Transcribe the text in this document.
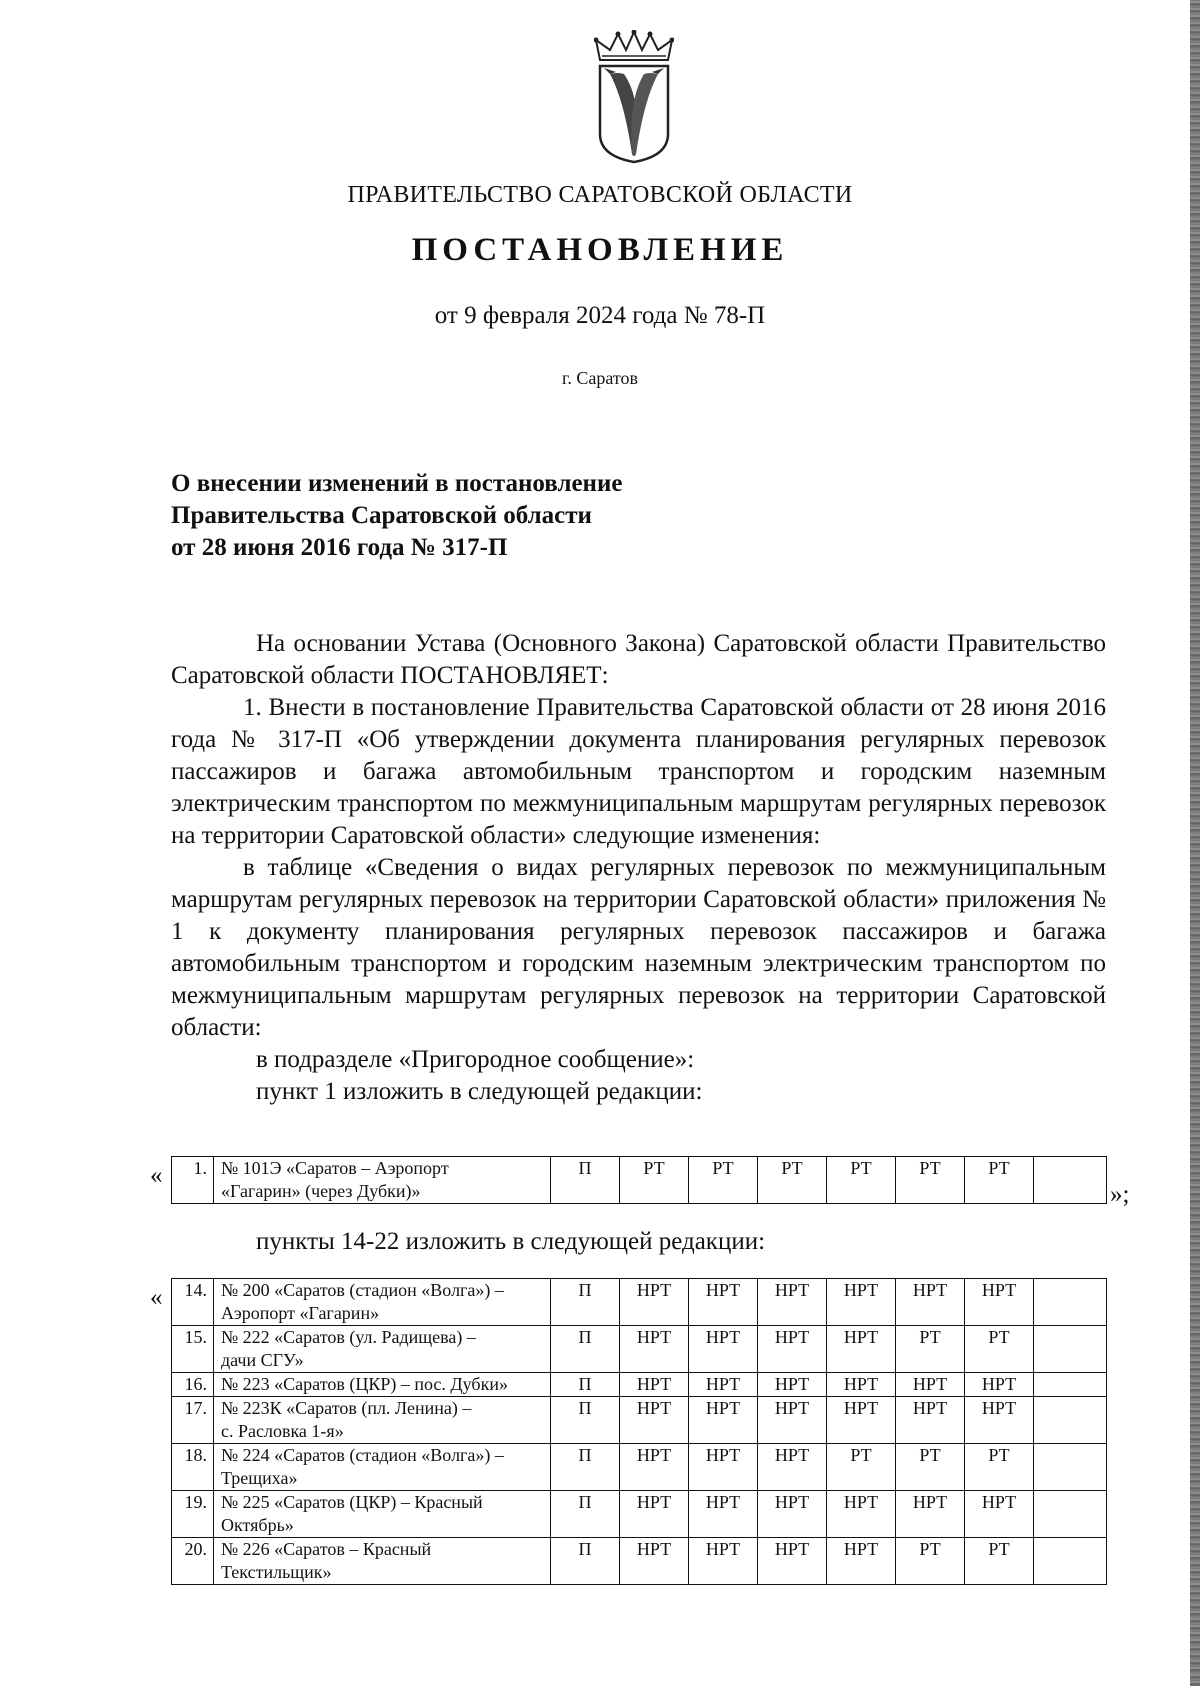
ПРАВИТЕЛЬСТВО САРАТОВСКОЙ ОБЛАСТИ
ПОСТАНОВЛЕНИЕ
от 9 февраля 2024 года № 78-П
г. Саратов
О внесении изменений в постановление
Правительства Саратовской области
от 28 июня 2016 года № 317-П

На основании Устава (Основного Закона) Саратовской области Правительство Саратовской области ПОСТАНОВЛЯЕТ:

1. Внести в постановление Правительства Саратовской области от 28 июня 2016 года № 317-П «Об утверждении документа планирования регулярных перевозок пассажиров и багажа автомобильным транспортом и городским наземным электрическим транспортом по межмуниципальным маршрутам регулярных перевозок на территории Саратовской области» следующие изменения:

в таблице «Сведения о видах регулярных перевозок по межмуниципальным маршрутам регулярных перевозок на территории Саратовской области» приложения № 1 к документу планирования регулярных перевозок пассажиров и багажа автомобильным транспортом и городским наземным электрическим транспортом по межмуниципальным маршрутам регулярных перевозок на территории Саратовской области:

в подразделе «Пригородное сообщение»:

пункт 1 изложить в следующей редакции:

« 1.	№ 101Э «Саратов – Аэропорт
«Гагарин» (через Дубки)»
	П	РТ	РТ	РТ	РТ	РТ	РТ	
»;
пункты 14-22 изложить в следующей редакции:
« 14.	№ 200 «Саратов (стадион «Волга») –
Аэропорт «Гагарин»	П	НРТ	НРТ	НРТ	НРТ	НРТ	НРТ	
15.	№ 222 «Саратов (ул. Радищева) –
дачи СГУ»	П	НРТ	НРТ	НРТ	НРТ	РТ	РТ	
16.	№ 223 «Саратов (ЦКР) – пос. Дубки»	П	НРТ	НРТ	НРТ	НРТ	НРТ	НРТ	
17.	№ 223К «Саратов (пл. Ленина) –
с. Расловка 1-я»	П	НРТ	НРТ	НРТ	НРТ	НРТ	НРТ	
18.	№ 224 «Саратов (стадион «Волга») –
Трещиха»	П	НРТ	НРТ	НРТ	РТ	РТ	РТ	
19.	№ 225 «Саратов (ЦКР) – Красный
Октябрь»	П	НРТ	НРТ	НРТ	НРТ	НРТ	НРТ	
20.	№ 226 «Саратов – Красный
Текстильщик»	П	НРТ	НРТ	НРТ	НРТ	РТ	РТ	
